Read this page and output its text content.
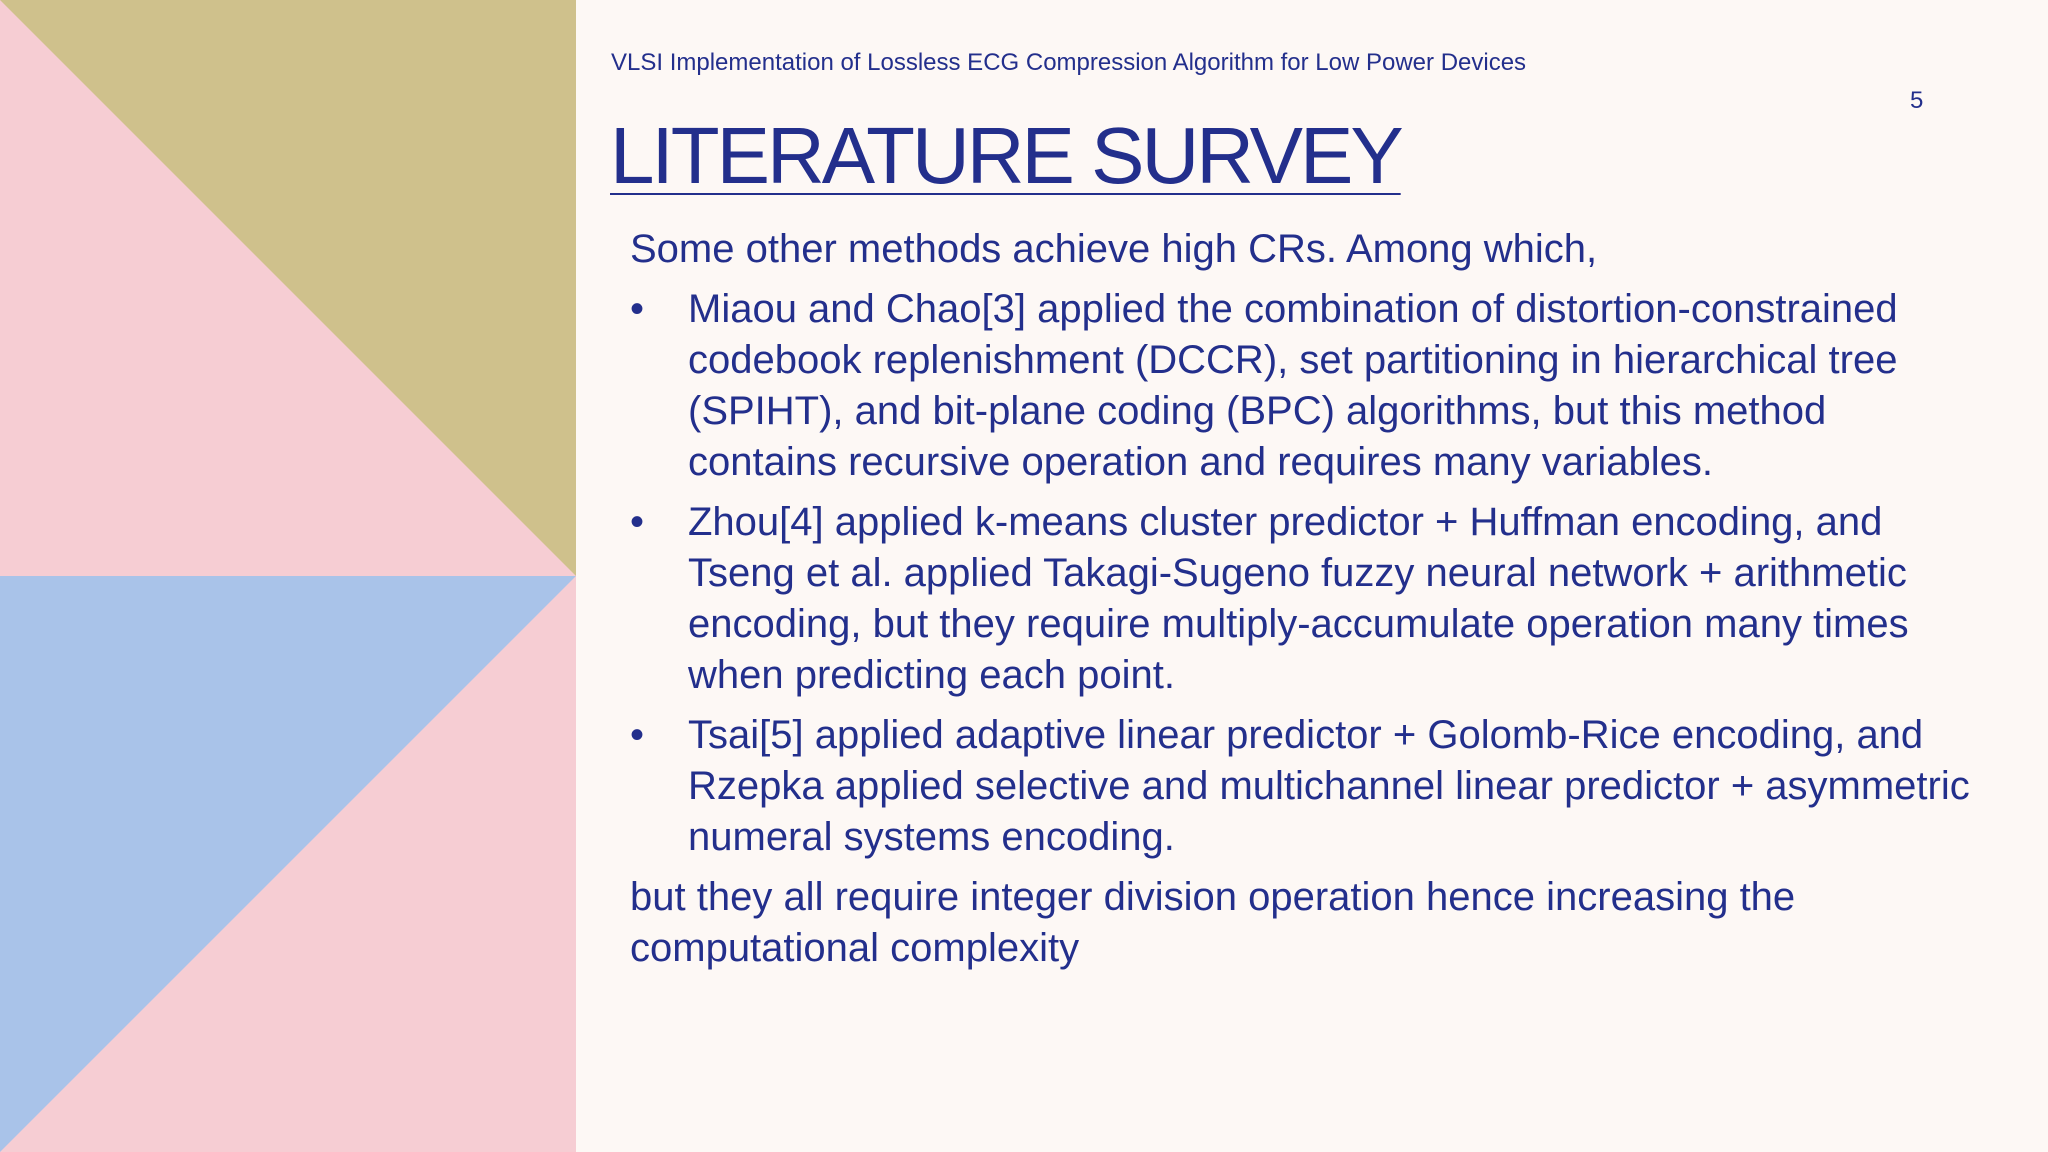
VLSI Implementation of Lossless ECG Compression Algorithm for Low Power Devices
5
LITERATURE SURVEY
Some other methods achieve high CRs. Among which,
•	Miaou and Chao[3] applied the combination of distortion-constrained codebook replenishment (DCCR), set partitioning in hierarchical tree (SPIHT), and bit-plane coding (BPC) algorithms, but this method contains recursive operation and requires many variables.
•	Zhou[4] applied k-means cluster predictor + Huffman encoding, and Tseng et al. applied Takagi-Sugeno fuzzy neural network + arithmetic encoding, but they require multiply-accumulate operation many times when predicting each point.
•	Tsai[5] applied adaptive linear predictor + Golomb-Rice encoding, and Rzepka applied selective and multichannel linear predictor + asymmetric numeral systems encoding.
but they all require integer division operation hence increasing the computational complexity
